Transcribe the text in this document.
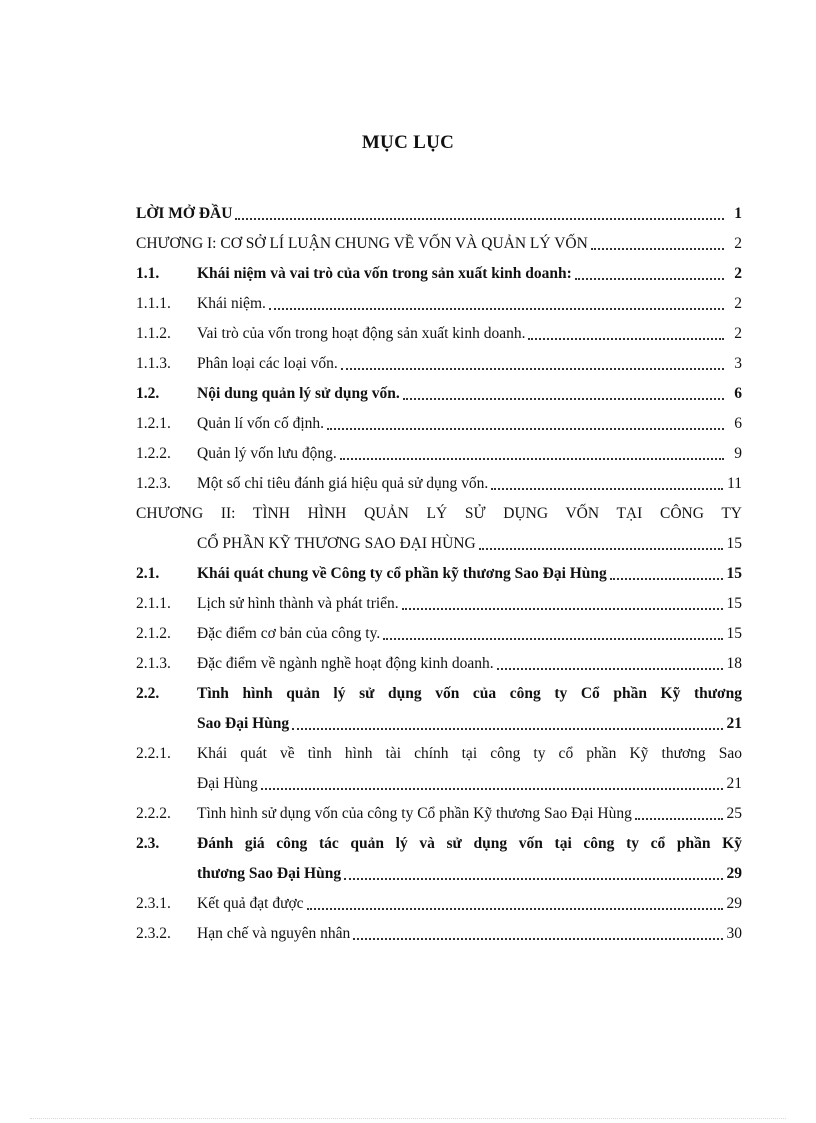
MỤC LỤC
LỜI MỞ ĐẦU	1
CHƯƠNG I: CƠ SỞ LÍ LUẬN CHUNG VỀ VỐN VÀ QUẢN LÝ VỐN	2
1.1.	Khái niệm và vai trò của vốn trong sản xuất kinh doanh:	2
1.1.1.	Khái niệm.	2
1.1.2.	Vai trò của vốn trong hoạt động sản xuất kinh doanh.	2
1.1.3.	Phân loại các loại vốn.	3
1.2.	Nội dung quản lý sử dụng vốn.	6
1.2.1.	Quản lí vốn cố định.	6
1.2.2.	Quản lý vốn lưu động.	9
1.2.3.	Một số chỉ tiêu đánh giá hiệu quả sử dụng vốn.	11
CHƯƠNG II: TÌNH HÌNH QUẢN LÝ SỬ DỤNG VỐN TẠI CÔNG TY
CỔ PHẦN KỸ THƯƠNG SAO ĐẠI HÙNG	15
2.1.	Khái quát chung về Công ty cổ phần kỹ thương Sao Đại Hùng	15
2.1.1.	Lịch sử hình thành và phát triển.	15
2.1.2.	Đặc điểm cơ bản của công ty.	15
2.1.3.	Đặc điểm về ngành nghề hoạt động kinh doanh.	18
2.2.	Tình hình quản lý sử dụng vốn của công ty Cổ phần Kỹ thương
Sao Đại Hùng	21
2.2.1.	Khái quát về tình hình tài chính tại công ty cổ phần Kỹ thương Sao
Đại Hùng	21
2.2.2.	Tình hình sử dụng vốn của công ty Cổ phần Kỹ thương Sao Đại Hùng	25
2.3.	Đánh giá công tác quản lý và sử dụng vốn tại công ty cổ phần Kỹ
thương Sao Đại Hùng	29
2.3.1.	Kết quả đạt được	29
2.3.2.	Hạn chế và nguyên nhân	30
